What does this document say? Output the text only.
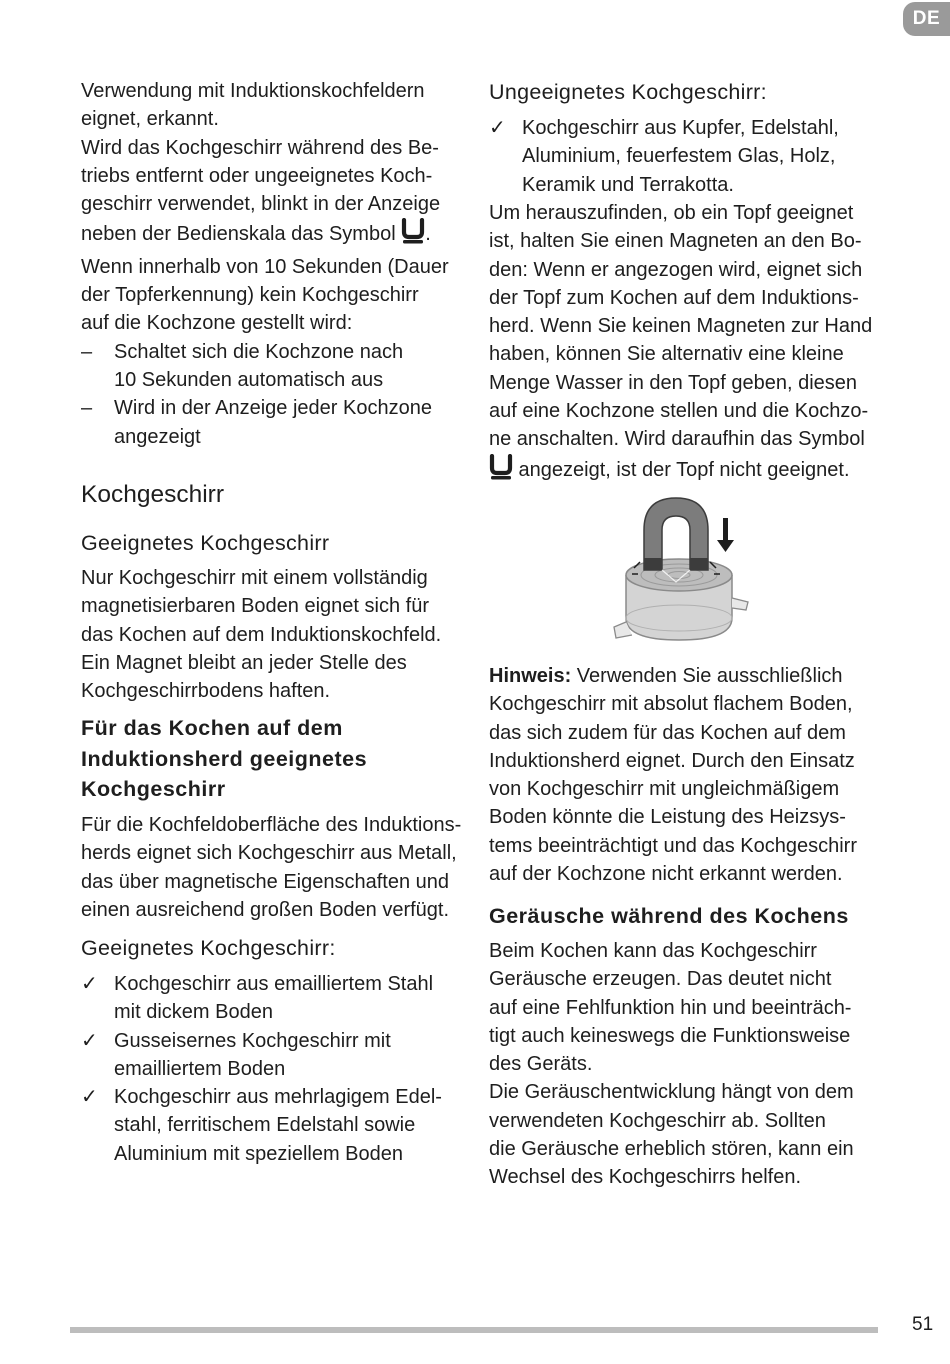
DE

Verwendung mit Induktionskochfeldern

eignet, erkannt.

Wird das Kochgeschirr während des Be-

triebs entfernt oder ungeeignetes Koch-

geschirr verwendet, blinkt in der Anzeige

neben der Bedienskala das Symbol .

Wenn innerhalb von 10 Sekunden (Dauer

der Topferkennung) kein Kochgeschirr

auf die Kochzone gestellt wird:

– Schaltet sich die Kochzone nach
10 Sekunden automatisch aus
– Wird in der Anzeige jeder Kochzone
angezeigt
Kochgeschirr
Geeignetes Kochgeschirr

Nur Kochgeschirr mit einem vollständig

magnetisierbaren Boden eignet sich für

das Kochen auf dem Induktionskochfeld.

Ein Magnet bleibt an jeder Stelle des

Kochgeschirrbodens haften.

Für das Kochen auf dem
Induktionsherd geeignetes
Kochgeschirr

Für die Kochfeldoberfläche des Induktions-

herds eignet sich Kochgeschirr aus Metall,

das über magnetische Eigenschaften und

einen ausreichend großen Boden verfügt.

Geeignetes Kochgeschirr:
✓ Kochgeschirr aus emailliertem Stahl
mit dickem Boden
✓ Gusseisernes Kochgeschirr mit
emailliertem Boden
✓ Kochgeschirr aus mehrlagigem Edel-
stahl, ferritischem Edelstahl sowie
Aluminium mit speziellem Boden
Ungeeignetes Kochgeschirr:
✓ Kochgeschirr aus Kupfer, Edelstahl,
Aluminium, feuerfestem Glas, Holz,
Keramik und Terrakotta.

Um herauszufinden, ob ein Topf geeignet

ist, halten Sie einen Magneten an den Bo-

den: Wenn er angezogen wird, eignet sich

der Topf zum Kochen auf dem Induktions-

herd. Wenn Sie keinen Magneten zur Hand

haben, können Sie alternativ eine kleine

Menge Wasser in den Topf geben, diesen

auf eine Kochzone stellen und die Kochzo-

ne anschalten. Wird daraufhin das Symbol

angezeigt, ist der Topf nicht geeignet.

Hinweis: Verwenden Sie ausschließlich

Kochgeschirr mit absolut flachem Boden,

das sich zudem für das Kochen auf dem

Induktionsherd eignet. Durch den Einsatz

von Kochgeschirr mit ungleichmäßigem

Boden könnte die Leistung des Heizsys-

tems beeinträchtigt und das Kochgeschirr

auf der Kochzone nicht erkannt werden.

Geräusche während des Kochens

Beim Kochen kann das Kochgeschirr

Geräusche erzeugen. Das deutet nicht

auf eine Fehlfunktion hin und beeinträch-

tigt auch keineswegs die Funktionsweise

des Geräts.

Die Geräuschentwicklung hängt von dem

verwendeten Kochgeschirr ab. Sollten

die Geräusche erheblich stören, kann ein

Wechsel des Kochgeschirrs helfen.

51
